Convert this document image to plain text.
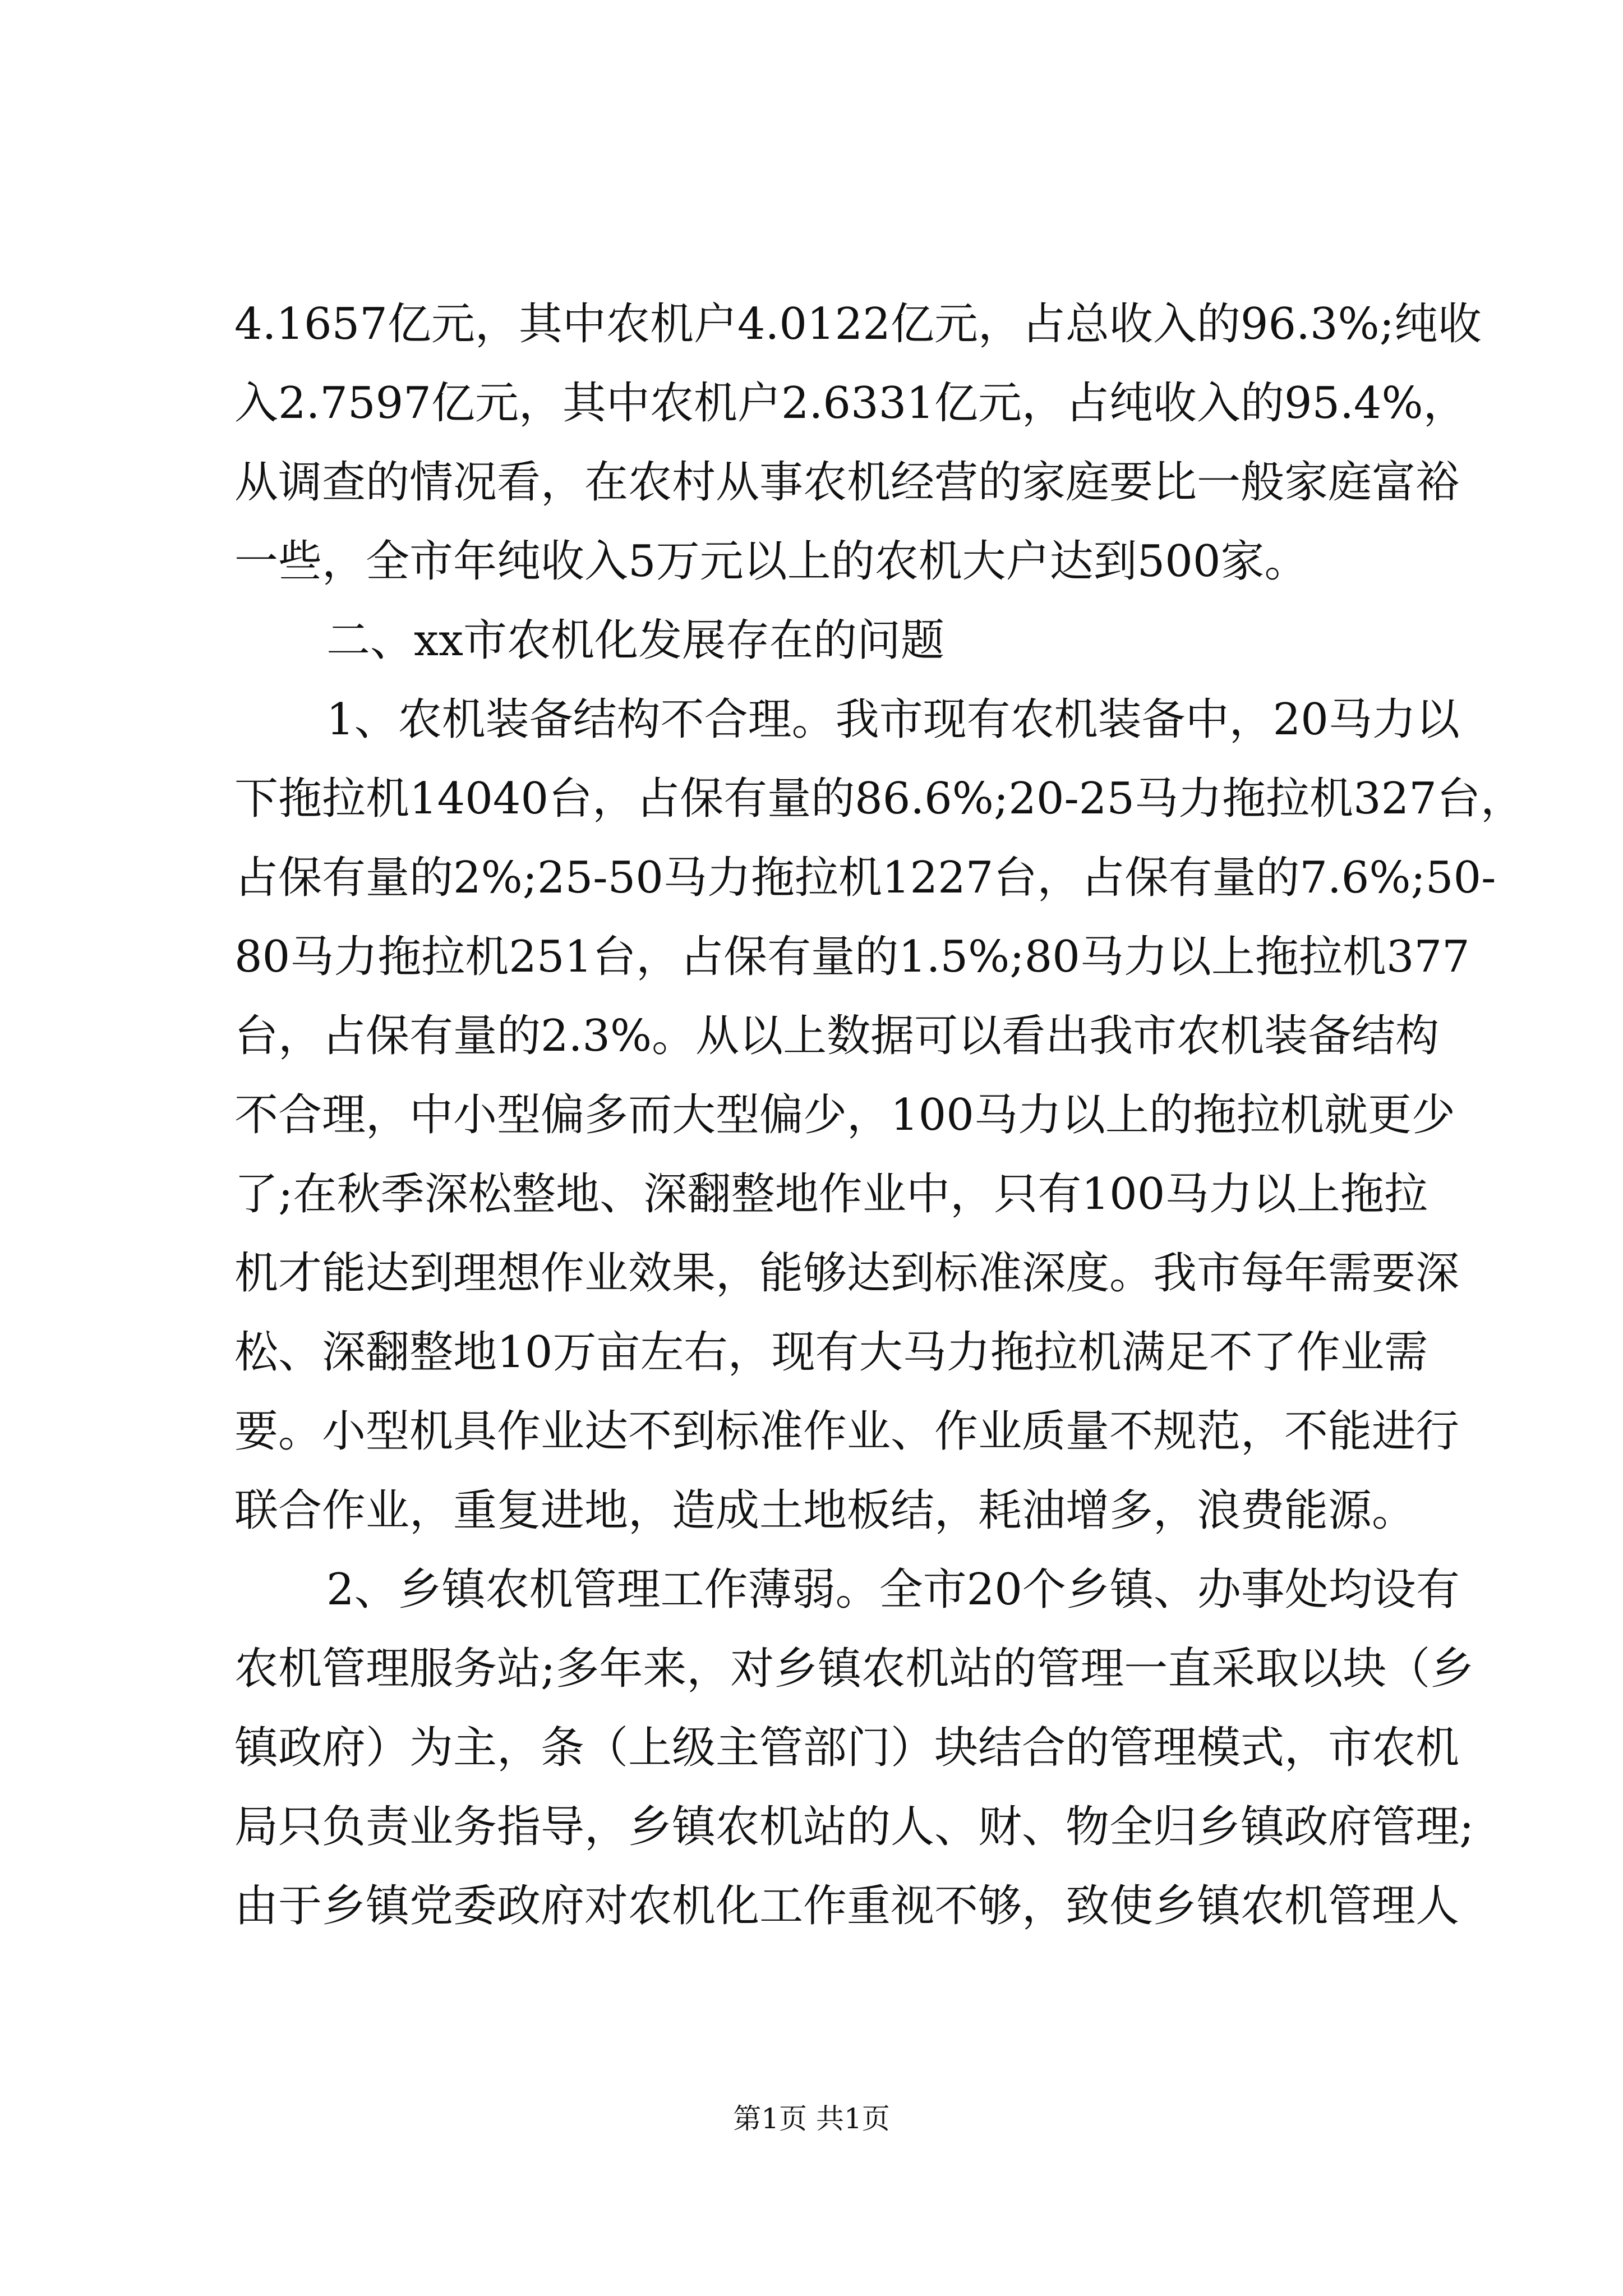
4.1657亿元，其中农机户4.0122亿元，占总收入的96.3%;纯收
入2.7597亿元，其中农机户2.6331亿元，占纯收入的95.4%，
从调查的情况看，在农村从事农机经营的家庭要比一般家庭富裕
一些，全市年纯收入5万元以上的农机大户达到500家。
二、xx市农机化发展存在的问题
1、农机装备结构不合理。我市现有农机装备中，20马力以
下拖拉机14040台，占保有量的86.6%;20-25马力拖拉机327台，
占保有量的2%;25-50马力拖拉机1227台，占保有量的7.6%;50-
80马力拖拉机251台，占保有量的1.5%;80马力以上拖拉机377
台，占保有量的2.3%。从以上数据可以看出我市农机装备结构
不合理，中小型偏多而大型偏少，100马力以上的拖拉机就更少
了;在秋季深松整地、深翻整地作业中，只有100马力以上拖拉
机才能达到理想作业效果，能够达到标准深度。我市每年需要深
松、深翻整地10万亩左右，现有大马力拖拉机满足不了作业需
要。小型机具作业达不到标准作业、作业质量不规范，不能进行
联合作业，重复进地，造成土地板结，耗油增多，浪费能源。
2、乡镇农机管理工作薄弱。全市20个乡镇、办事处均设有
农机管理服务站;多年来，对乡镇农机站的管理一直采取以块（乡
镇政府）为主，条（上级主管部门）块结合的管理模式，市农机
局只负责业务指导，乡镇农机站的人、财、物全归乡镇政府管理;
由于乡镇党委政府对农机化工作重视不够，致使乡镇农机管理人
第1页 共1页
